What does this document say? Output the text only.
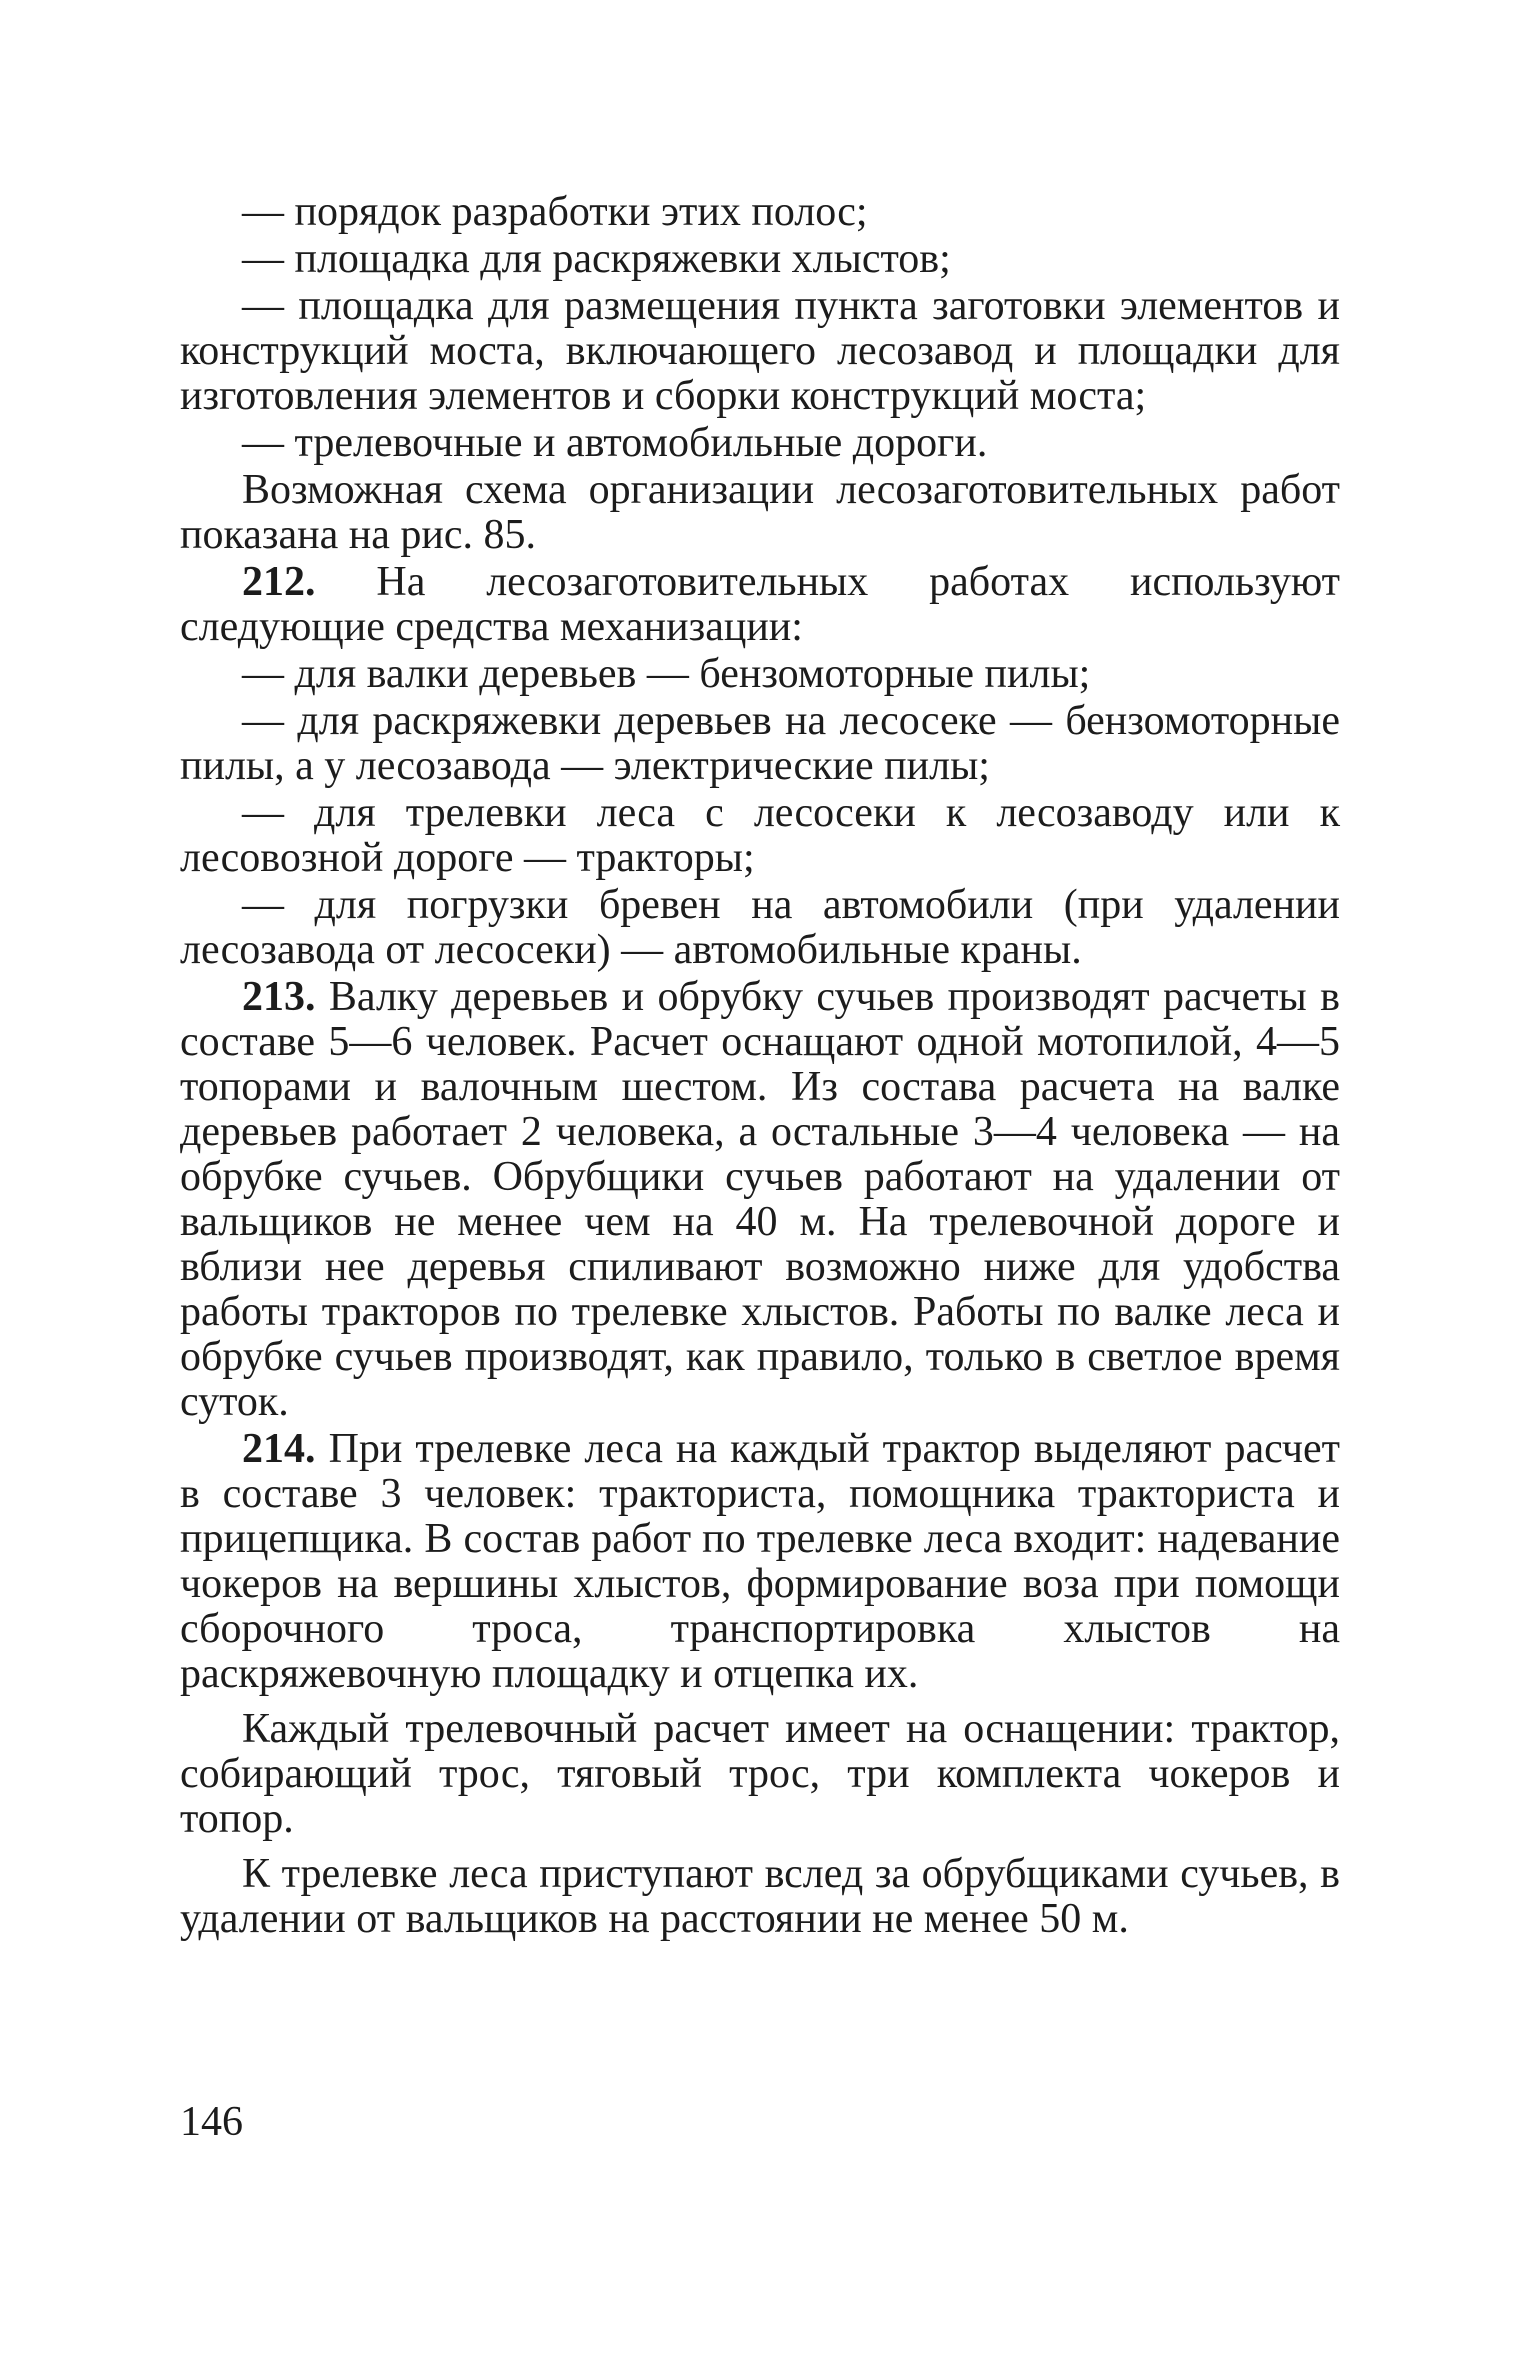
— порядок разработки этих полос;

— площадка для раскряжевки хлыстов;

— площадка для размещения пункта заготовки элементов и конструкций моста, включающего лесозавод и площадки для изготовления элементов и сборки конструкций моста;

— трелевочные и автомобильные дороги.

Возможная схема организации лесозаготовительных работ показана на рис. 85.

212. На лесозаготовительных работах используют следующие средства механизации:

— для валки деревьев — бензомоторные пилы;

— для раскряжевки деревьев на лесосеке — бензомоторные пилы, а у лесозавода — электрические пилы;

— для трелевки леса с лесосеки к лесозаводу или к лесовозной дороге — тракторы;

— для погрузки бревен на автомобили (при удалении лесозавода от лесосеки) — автомобильные краны.

213. Валку деревьев и обрубку сучьев производят расчеты в составе 5—6 человек. Расчет оснащают одной мотопилой, 4—5 топорами и валочным шестом. Из состава расчета на валке деревьев работает 2 человека, а остальные 3—4 человека — на обрубке сучьев. Обрубщики сучьев работают на удалении от вальщиков не менее чем на 40 м. На трелевочной дороге и вблизи нее деревья спиливают возможно ниже для удобства работы тракторов по трелевке хлыстов. Работы по валке леса и обрубке сучьев производят, как правило, только в светлое время суток.

214. При трелевке леса на каждый трактор выделяют расчет в составе 3 человек: тракториста, помощника тракториста и прицепщика. В состав работ по трелевке леса входит: надевание чокеров на вершины хлыстов, формирование воза при помощи сборочного троса, транспортировка хлыстов на раскряжевочную площадку и отцепка их.

Каждый трелевочный расчет имеет на оснащении: трактор, собирающий трос, тяговый трос, три комплекта чокеров и топор.

К трелевке леса приступают вслед за обрубщиками сучьев, в удалении от вальщиков на расстоянии не менее 50 м.

146
